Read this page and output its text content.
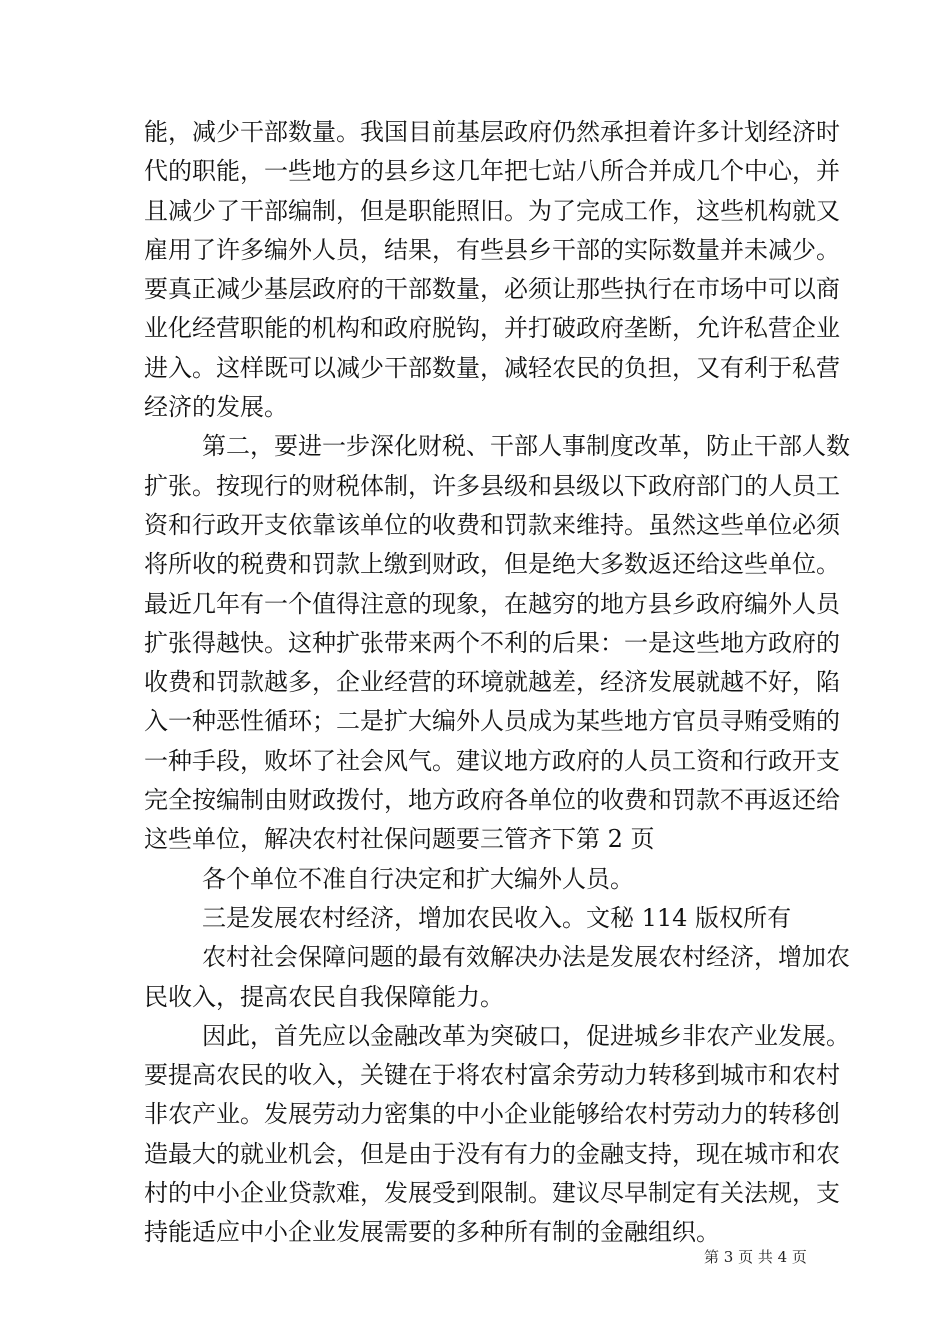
能，减少干部数量。我国目前基层政府仍然承担着许多计划经济时
代的职能，一些地方的县乡这几年把七站八所合并成几个中心，并
且减少了干部编制，但是职能照旧。为了完成工作，这些机构就又
雇用了许多编外人员，结果，有些县乡干部的实际数量并未减少。
要真正减少基层政府的干部数量，必须让那些执行在市场中可以商
业化经营职能的机构和政府脱钩，并打破政府垄断，允许私营企业
进入。这样既可以减少干部数量，减轻农民的负担，又有利于私营
经济的发展。
第二，要进一步深化财税、干部人事制度改革，防止干部人数
扩张。按现行的财税体制，许多县级和县级以下政府部门的人员工
资和行政开支依靠该单位的收费和罚款来维持。虽然这些单位必须
将所收的税费和罚款上缴到财政，但是绝大多数返还给这些单位。
最近几年有一个值得注意的现象，在越穷的地方县乡政府编外人员
扩张得越快。这种扩张带来两个不利的后果：一是这些地方政府的
收费和罚款越多，企业经营的环境就越差，经济发展就越不好，陷
入一种恶性循环；二是扩大编外人员成为某些地方官员寻贿受贿的
一种手段，败坏了社会风气。建议地方政府的人员工资和行政开支
完全按编制由财政拨付，地方政府各单位的收费和罚款不再返还给
这些单位，解决农村社保问题要三管齐下第 2 页
各个单位不准自行决定和扩大编外人员。
三是发展农村经济，增加农民收入。文秘 114 版权所有
农村社会保障问题的最有效解决办法是发展农村经济，增加农
民收入，提高农民自我保障能力。
因此，首先应以金融改革为突破口，促进城乡非农产业发展。
要提高农民的收入，关键在于将农村富余劳动力转移到城市和农村
非农产业。发展劳动力密集的中小企业能够给农村劳动力的转移创
造最大的就业机会，但是由于没有有力的金融支持，现在城市和农
村的中小企业贷款难，发展受到限制。建议尽早制定有关法规，支
持能适应中小企业发展需要的多种所有制的金融组织。
第 3 页 共 4 页
